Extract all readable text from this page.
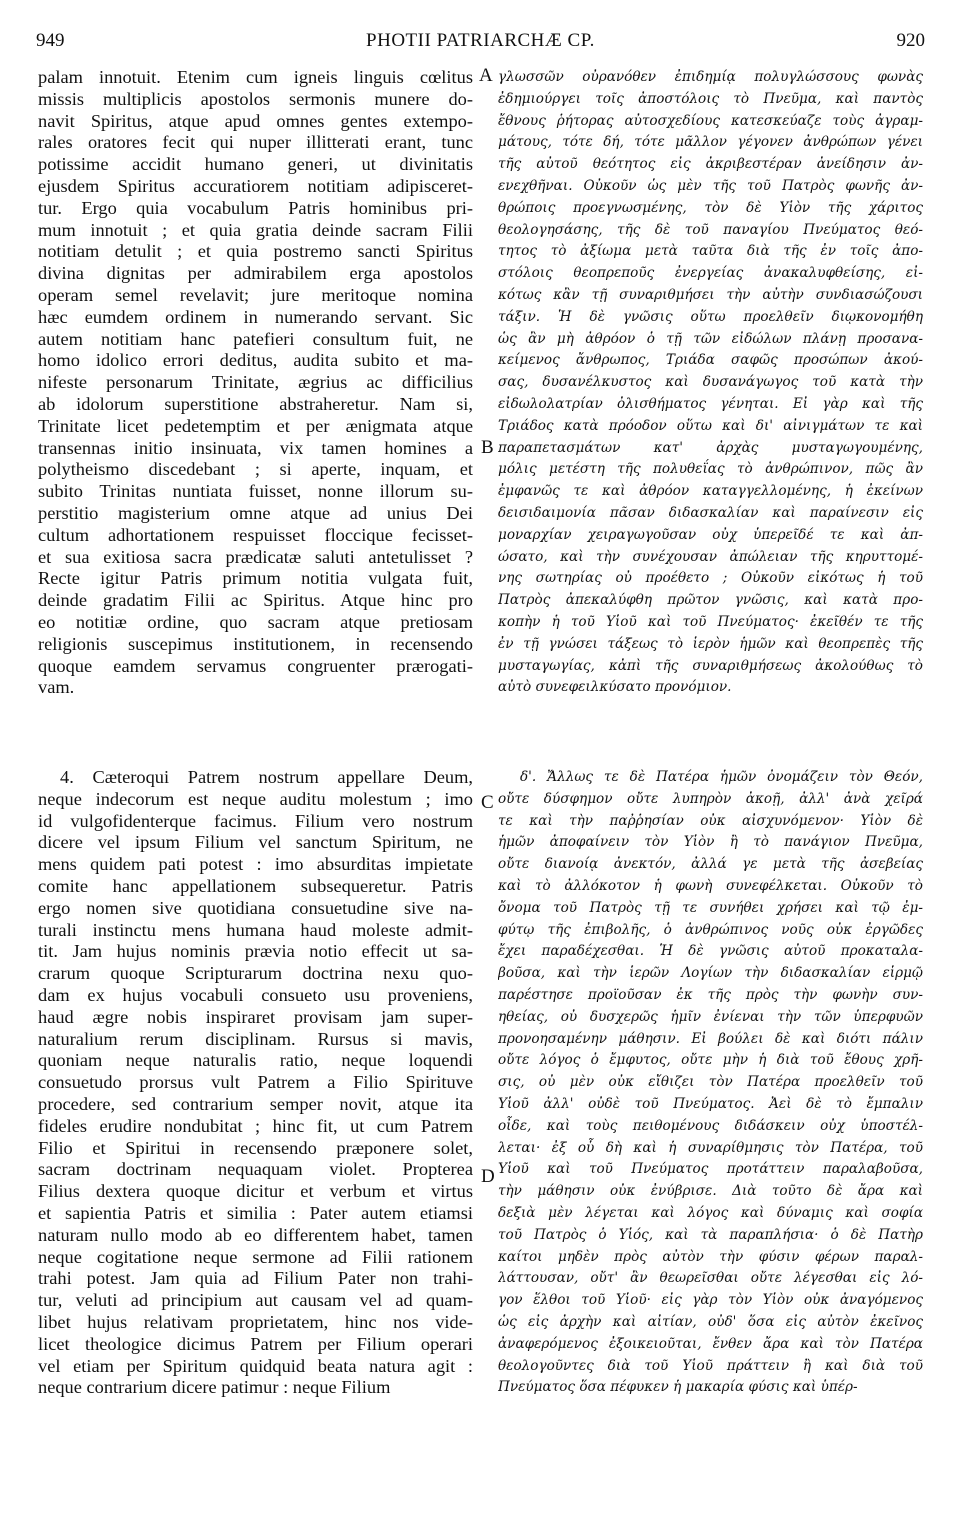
949	PHOTII PATRIARCHÆ CP.	920
A
B
C
D
palam innotuit. Etenim cum igneis linguis cœlitus
missis multiplicis apostolos sermonis munere do-
navit Spiritus, atque apud omnes gentes extempo-
rales oratores fecit qui nuper illitterati erant, tunc
potissime accidit humano generi, ut divinitatis
ejusdem Spiritus accuratiorem notitiam adipisceret-
tur. Ergo quia vocabulum Patris hominibus pri-
mum innotuit ; et quia gratia deinde sacram Filii
notitiam detulit ; et quia postremo sancti Spiritus
divina dignitas per admirabilem erga apostolos
operam semel revelavit; jure meritoque nomina
hæc eumdem ordinem in numerando servant. Sic
autem notitiam hanc patefieri consultum fuit, ne
homo idolico errori deditus, audita subito et ma-
nifeste personarum Trinitate, ægrius ac difficilius
ab idolorum superstitione abstraheretur. Nam si,
Trinitate licet pedetemptim et per ænigmata atque
transennas initio insinuata, vix tamen homines a
polytheismo discedebant ; si aperte, inquam, et
subito Trinitas nuntiata fuisset, nonne illorum su-
perstitio magisterium omne atque ad unius Dei
cultum adhortationem respuisset floccique fecisset-
et sua exitiosa sacra prædicatæ saluti antetulisset ?
Recte igitur Patris primum notitia vulgata fuit,
deinde gradatim Filii ac Spiritus. Atque hinc pro
eo notitiæ ordine, quo sacram atque pretiosam
religionis suscepimus institutionem, in recensendo
quoque eamdem servamus congruenter prærogati-
vam.
γλωσσῶν οὐρανόθεν ἐπιδημίᾳ πολυγλώσσους φωνὰς
ἐδημιούργει τοῖς ἀποστόλοις τὸ Πνεῦμα, καὶ παντὸς
ἔθνους ῥήτορας αὐτοσχεδίους κατεσκεύαζε τοὺς ἀγραμ-
μάτους, τότε δή, τότε μᾶλλον γέγονεν ἀνθρώπων γένει
τῆς αὐτοῦ θεότητος εἰς ἀκριβεστέραν ἀνείδησιν ἀν-
ενεχθῆναι. Οὐκοῦν ὡς μὲν τῆς τοῦ Πατρὸς φωνῆς ἀν-
θρώποις προεγνωσμένης, τὸν δὲ Υἱὸν τῆς χάριτος
θεολογησάσης, τῆς δὲ τοῦ παναγίου Πνεύματος θεό-
τητος τὸ ἀξίωμα μετὰ ταῦτα διὰ τῆς ἐν τοῖς ἀπο-
στόλοις θεοπρεποῦς ἐνεργείας ἀνακαλυφθείσης, εἰ-
κότως κἂν τῇ συναριθμήσει τὴν αὐτὴν συνδιασώζουσι
τάξιν. Ἡ δὲ γνῶσις οὕτω προελθεῖν διῳκονομήθη
ὡς ἂν μὴ ἀθρόον ὁ τῇ τῶν εἰδώλων πλάνῃ προσανα-
κείμενος ἄνθρωπος, Τριάδα σαφῶς προσώπων ἀκού-
σας, δυσανέλκυστος καὶ δυσανάγωγος τοῦ κατὰ τὴν
εἰδωλολατρίαν ὀλισθήματος γένηται. Εἰ γὰρ καὶ τῆς
Τριάδος κατὰ πρόοδον οὕτω καὶ δι' αἰνιγμάτων τε καὶ
παραπετασμάτων κατ' ἀρχὰς μυσταγωγουμένης,
μόλις μετέστη τῆς πολυθεΐας τὸ ἀνθρώπινον, πῶς ἂν
ἐμφανῶς τε καὶ ἀθρόον καταγγελλομένης, ἡ ἐκείνων
δεισιδαιμονία πᾶσαν διδασκαλίαν καὶ παραίνεσιν εἰς
μοναρχίαν χειραγωγοῦσαν οὐχ ὑπερεῖδέ τε καὶ ἀπ-
ώσατο, καὶ τὴν συνέχουσαν ἀπώλειαν τῆς κηρυττομέ-
νης σωτηρίας οὐ προέθετο ; Οὐκοῦν εἰκότως ἡ τοῦ
Πατρὸς ἀπεκαλύφθη πρῶτον γνῶσις, καὶ κατὰ προ-
κοπὴν ἡ τοῦ Υἱοῦ καὶ τοῦ Πνεύματος· ἐκεῖθέν τε τῆς
ἐν τῇ γνώσει τάξεως τὸ ἱερὸν ἡμῶν καὶ θεοπρεπὲς τῆς
μυσταγωγίας, κἀπὶ τῆς συναριθμήσεως ἀκολούθως τὸ
αὐτὸ συνεφειλκύσατο προνόμιον.
4. Cæteroqui Patrem nostrum appellare Deum,
neque indecorum est neque auditu molestum ; imo
id vulgofidenterque facimus. Filium vero nostrum
dicere vel ipsum Filium vel sanctum Spiritum, ne
mens quidem pati potest : imo absurditas impietate
comite hanc appellationem subsequeretur. Patris
ergo nomen sive quotidiana consuetudine sive na-
turali instinctu mens humana haud moleste admit-
tit. Jam hujus nominis prævia notio effecit ut sa-
crarum quoque Scripturarum doctrina nexu quo-
dam ex hujus vocabuli consueto usu proveniens,
haud ægre nobis inspiraret provisam jam super-
naturalium rerum disciplinam. Rursus si mavis,
quoniam neque naturalis ratio, neque loquendi
consuetudo prorsus vult Patrem a Filio Spirituve
procedere, sed contrarium semper novit, atque ita
fideles erudire nondubitat ; hinc fit, ut cum Patrem
Filio et Spiritui in recensendo præponere solet,
sacram doctrinam nequaquam violet. Propterea
Filius dextera quoque dicitur et verbum et virtus
et sapientia Patris et similia : Pater autem etiamsi
naturam nullo modo ab eo differentem habet, tamen
neque cogitatione neque sermone ad Filii rationem
trahi potest. Jam quia ad Filium Pater non trahi-
tur, veluti ad principium aut causam vel ad quam-
libet hujus relativam proprietatem, hinc nos vide-
licet theologice dicimus Patrem per Filium operari
vel etiam per Spiritum quidquid beata natura agit :
neque contrarium dicere patimur : neque Filium
δ'. Ἄλλως τε δὲ Πατέρα ἡμῶν ὀνομάζειν τὸν Θεόν,
οὔτε δύσφημον οὔτε λυπηρὸν ἀκοῇ, ἀλλ' ἀνὰ χεῖρά
τε καὶ τὴν παῤῥησίαν οὐκ αἰσχυνόμενον· Υἱὸν δὲ
ἡμῶν ἀποφαίνειν τὸν Υἱὸν ἢ τὸ πανάγιον Πνεῦμα,
οὔτε διανοίᾳ ἀνεκτόν, ἀλλά γε μετὰ τῆς ἀσεβείας
καὶ τὸ ἀλλόκοτον ἡ φωνὴ συνεφέλκεται. Οὐκοῦν τὸ
ὄνομα τοῦ Πατρὸς τῇ τε συνήθει χρήσει καὶ τῷ ἐμ-
φύτῳ τῆς ἐπιβολῆς, ὁ ἀνθρώπινος νοῦς οὐκ ἐργῶδες
ἔχει παραδέχεσθαι. Ἡ δὲ γνῶσις αὐτοῦ προκαταλα-
βοῦσα, καὶ τὴν ἱερῶν Λογίων τὴν διδασκαλίαν εἱρμῷ
παρέστησε προϊοῦσαν ἐκ τῆς πρὸς τὴν φωνὴν συν-
ηθείας, οὐ δυσχερῶς ἡμῖν ἐνίεναι τὴν τῶν ὑπερφυῶν
προνοησαμένην μάθησιν. Εἰ βούλει δὲ καὶ διότι πάλιν
οὔτε λόγος ὁ ἔμφυτος, οὔτε μὴν ἡ διὰ τοῦ ἔθους χρῆ-
σις, οὐ μὲν οὐκ εἴθιζει τὸν Πατέρα προελθεῖν τοῦ
Υἱοῦ ἀλλ' οὐδὲ τοῦ Πνεύματος. Ἀεὶ δὲ τὸ ἔμπαλιν
οἶδε, καὶ τοὺς πειθομένους διδάσκειν οὐχ ὑποστέλ-
λεται· ἐξ οὗ δὴ καὶ ἡ συναρίθμησις τὸν Πατέρα, τοῦ
Υἱοῦ καὶ τοῦ Πνεύματος προτάττειν παραλαβοῦσα,
τὴν μάθησιν οὐκ ἐνύβρισε. Διὰ τοῦτο δὲ ἄρα καὶ
δεξιὰ μὲν λέγεται καὶ λόγος καὶ δύναμις καὶ σοφία
τοῦ Πατρὸς ὁ Υἱός, καὶ τὰ παραπλήσια· ὁ δὲ Πατὴρ
καίτοι μηδὲν πρὸς αὐτὸν τὴν φύσιν φέρων παραλ-
λάττουσαν, οὔτ' ἂν θεωρεῖσθαι οὔτε λέγεσθαι εἰς λό-
γον ἕλθοι τοῦ Υἱοῦ· εἰς γὰρ τὸν Υἱὸν οὐκ ἀναγόμενος
ὡς εἰς ἀρχὴν καὶ αἰτίαν, οὐδ' ὅσα εἰς αὐτὸν ἐκεῖνος
ἀναφερόμενος ἐξοικειοῦται, ἔνθεν ἄρα καὶ τὸν Πατέρα
θεολογοῦντες διὰ τοῦ Υἱοῦ πράττειν ἢ καὶ διὰ τοῦ
Πνεύματος ὅσα πέφυκεν ἡ μακαρία φύσις καὶ ὑπέρ-
